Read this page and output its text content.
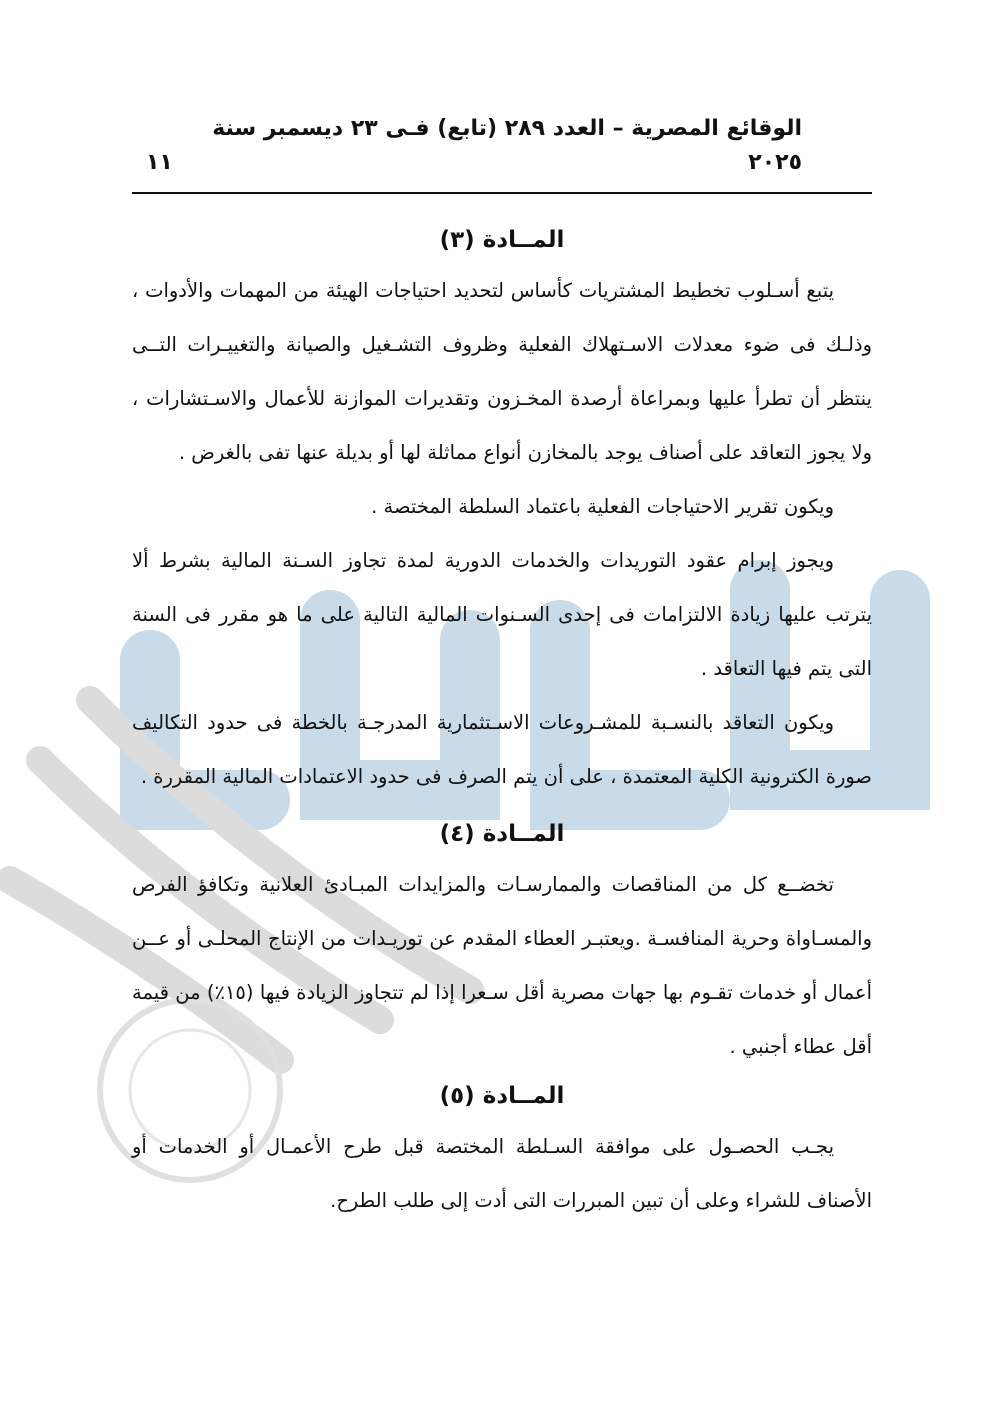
الوقائع المصرية – العدد ٢٨٩ (تابع) فـى ٢٣ ديسمبر سنة ٢٠٢٥
١١

المــادة (٣)

يتبع أسـلوب تخطيط المشتريات كأساس لتحديد احتياجات الهيئة من المهمات والأدوات ، وذلـك فى ضوء معدلات الاسـتهلاك الفعلية وظروف التشـغيل والصيانة والتغييـرات التــى ينتظر أن تطرأ عليها وبمراعاة أرصدة المخـزون وتقديرات الموازنة للأعمال والاسـتشارات ، ولا يجوز التعاقد على أصناف يوجد بالمخازن أنواع مماثلة لها أو بديلة عنها تفى بالغرض .

ويكون تقرير الاحتياجات الفعلية باعتماد السلطة المختصة .

ويجوز إبرام عقود التوريدات والخدمات الدورية لمدة تجاوز السـنة المالية بشرط ألا يترتب عليها زيادة الالتزامات فى إحدى السـنوات المالية التالية على ما هو مقرر فى السنة التى يتم فيها التعاقد .

ويكون التعاقد بالنسـبة للمشـروعات الاسـتثمارية المدرجـة بالخطة فى حدود التكاليف صورة الكترونية الكلية المعتمدة ، على أن يتم الصرف فى حدود الاعتمادات المالية المقررة .

المــادة (٤)

تخضــع كل من المناقصات والممارسـات والمزايدات المبـادئ العلانية وتكافؤ الفرص والمسـاواة وحرية المنافسـة .ويعتبـر العطاء المقدم عن توريـدات من الإنتاج المحلـى أو عــن أعمال أو خدمات تقـوم بها جهات مصرية أقل سـعرا إذا لم تتجاوز الزيادة فيها (١٥٪) من قيمة أقل عطاء أجنبي .

المــادة (٥)

يجـب الحصـول على موافقة السـلطة المختصة قبل طرح الأعمـال أو الخدمات أو الأصناف للشراء وعلى أن تبين المبررات التى أدت إلى طلب الطرح.
